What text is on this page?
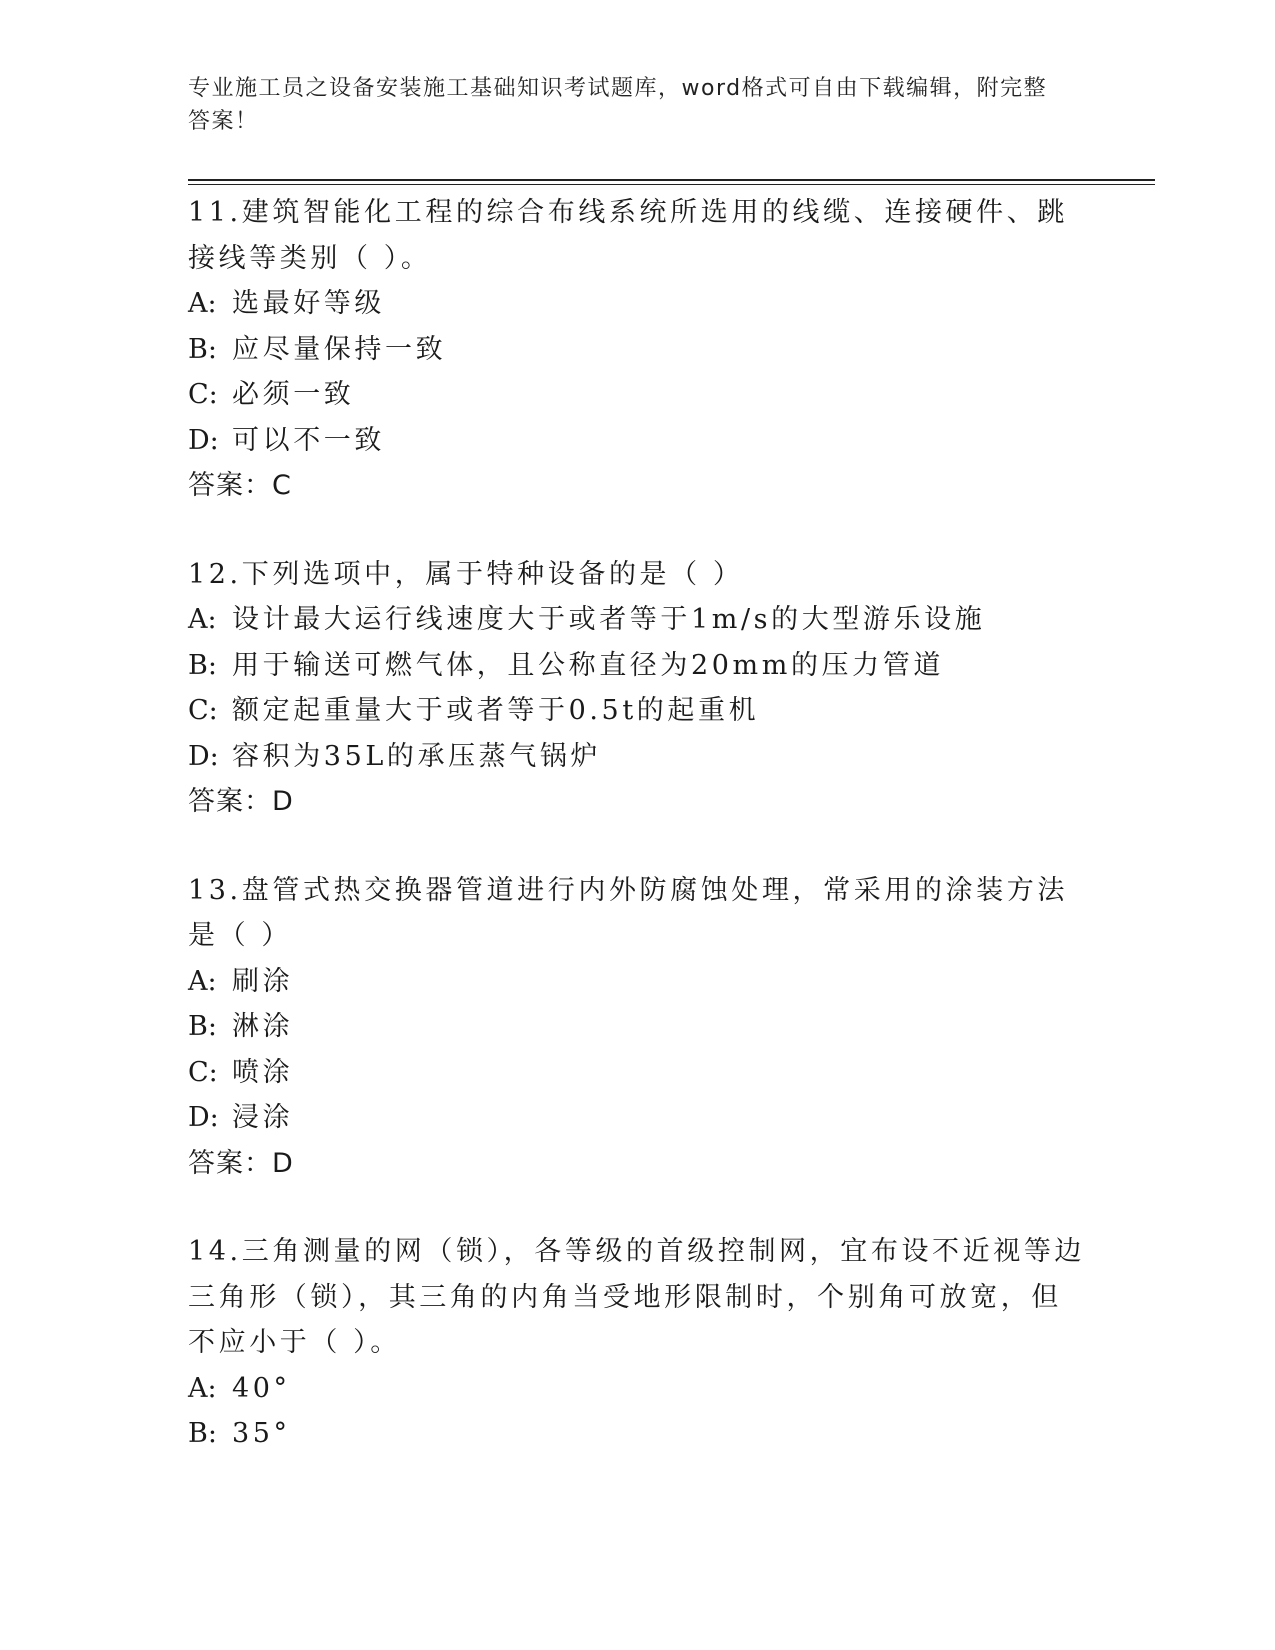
专业施工员之设备安装施工基础知识考试题库，word格式可自由下载编辑，附完整答案！

11.建筑智能化工程的综合布线系统所选用的线缆、连接硬件、跳接线等类别（ ）。

A: 选最好等级

B: 应尽量保持一致

C: 必须一致

D: 可以不一致

答案：C

12.下列选项中，属于特种设备的是（ ）

A: 设计最大运行线速度大于或者等于1m/s的大型游乐设施

B: 用于输送可燃气体，且公称直径为20mm的压力管道

C: 额定起重量大于或者等于0.5t的起重机

D: 容积为35L的承压蒸气锅炉

答案：D

13.盘管式热交换器管道进行内外防腐蚀处理，常采用的涂装方法是（ ）

A: 刷涂

B: 淋涂

C: 喷涂

D: 浸涂

答案：D

14.三角测量的网（锁），各等级的首级控制网，宜布设不近视等边三角形（锁），其三角的内角当受地形限制时，个别角可放宽，但不应小于（ ）。

A: 40°

B: 35°
